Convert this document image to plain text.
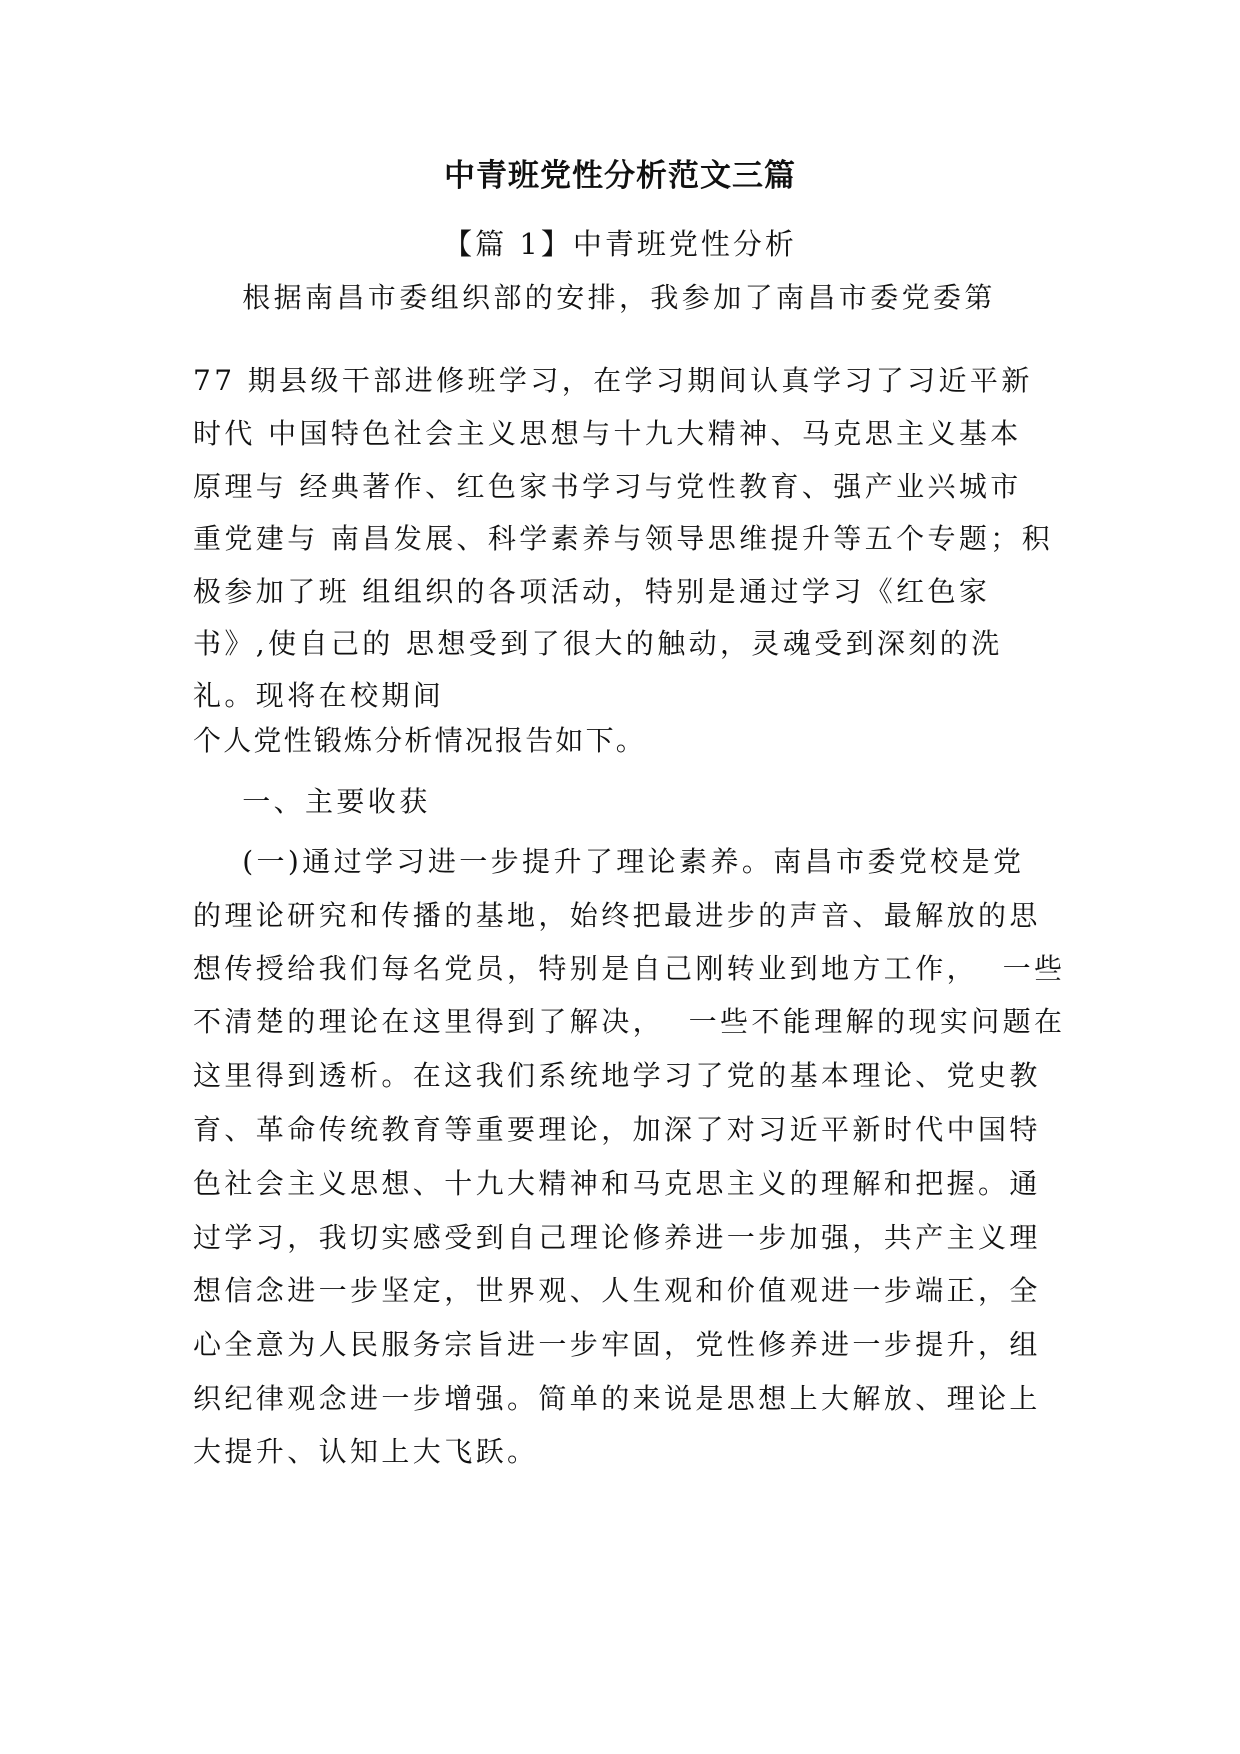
中青班党性分析范文三篇
【篇 1】中青班党性分析
根据南昌市委组织部的安排，我参加了南昌市委党委第
77 期县级干部进修班学习，在学习期间认真学习了习近平新
时代 中国特色社会主义思想与十九大精神、马克思主义基本
原理与 经典著作、红色家书学习与党性教育、强产业兴城市
重党建与 南昌发展、科学素养与领导思维提升等五个专题；积
极参加了班 组组织的各项活动，特别是通过学习《红色家
书》,使自己的 思想受到了很大的触动，灵魂受到深刻的洗
礼。现将在校期间
个人党性锻炼分析情况报告如下。
一、主要收获
(一)通过学习进一步提升了理论素养。南昌市委党校是党
的理论研究和传播的基地，始终把最进步的声音、最解放的思
想传授给我们每名党员，特别是自己刚转业到地方工作，  一些
不清楚的理论在这里得到了解决，  一些不能理解的现实问题在
这里得到透析。在这我们系统地学习了党的基本理论、党史教
育、革命传统教育等重要理论，加深了对习近平新时代中国特
色社会主义思想、十九大精神和马克思主义的理解和把握。通
过学习，我切实感受到自己理论修养进一步加强，共产主义理
想信念进一步坚定，世界观、人生观和价值观进一步端正，全
心全意为人民服务宗旨进一步牢固，党性修养进一步提升，组
织纪律观念进一步增强。简单的来说是思想上大解放、理论上
大提升、认知上大飞跃。
